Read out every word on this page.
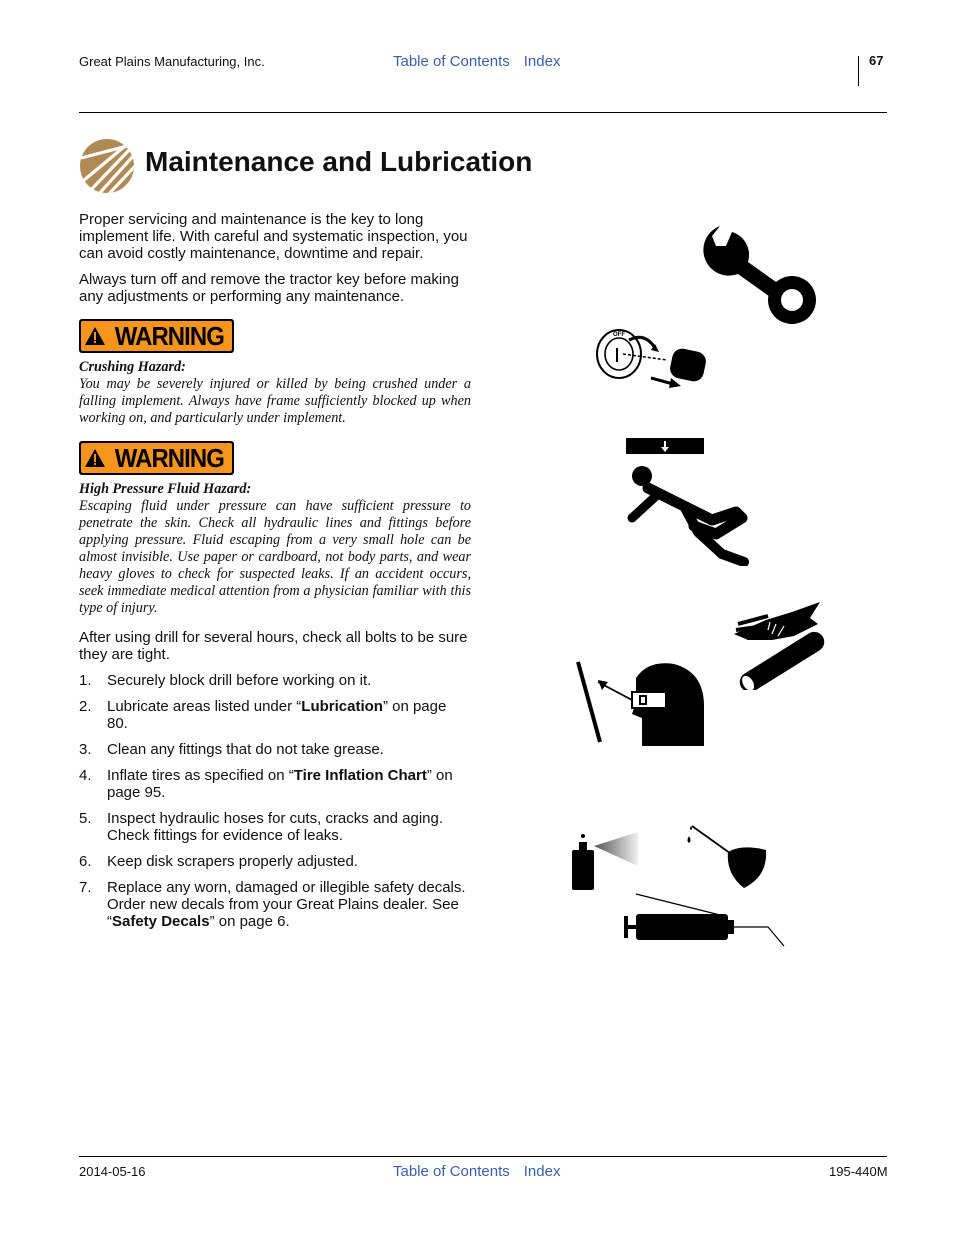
Great Plains Manufacturing, Inc.	Table of Contents Index	67
Maintenance and Lubrication

Proper servicing and maintenance is the key to long implement life. With careful and systematic inspection, you can avoid costly maintenance, downtime and repair.

Always turn off and remove the tractor key before making any adjustments or performing any maintenance.

WARNING
Crushing Hazard:
You may be severely injured or killed by being crushed under a falling implement. Always have frame sufficiently blocked up when working on, and particularly under implement.
WARNING
High Pressure Fluid Hazard:
Escaping fluid under pressure can have sufficient pressure to penetrate the skin. Check all hydraulic lines and fittings before applying pressure. Fluid escaping from a very small hole can be almost invisible. Use paper or cardboard, not body parts, and wear heavy gloves to check for suspected leaks. If an accident occurs, seek immediate medical attention from a physician familiar with this type of injury.

After using drill for several hours, check all bolts to be sure they are tight.

1.	Securely block drill before working on it.
2.	Lubricate areas listed under “Lubrication” on page 80.
3.	Clean any fittings that do not take grease.
4.	Inflate tires as specified on “Tire Inflation Chart” on page 95.
5.	Inspect hydraulic hoses for cuts, cracks and aging. Check fittings for evidence of leaks.
6.	Keep disk scrapers properly adjusted.
7.	Replace any worn, damaged or illegible safety decals. Order new decals from your Great Plains dealer. See “Safety Decals” on page 6.
OFF
2014-05-16	Table of Contents Index	195-440M
